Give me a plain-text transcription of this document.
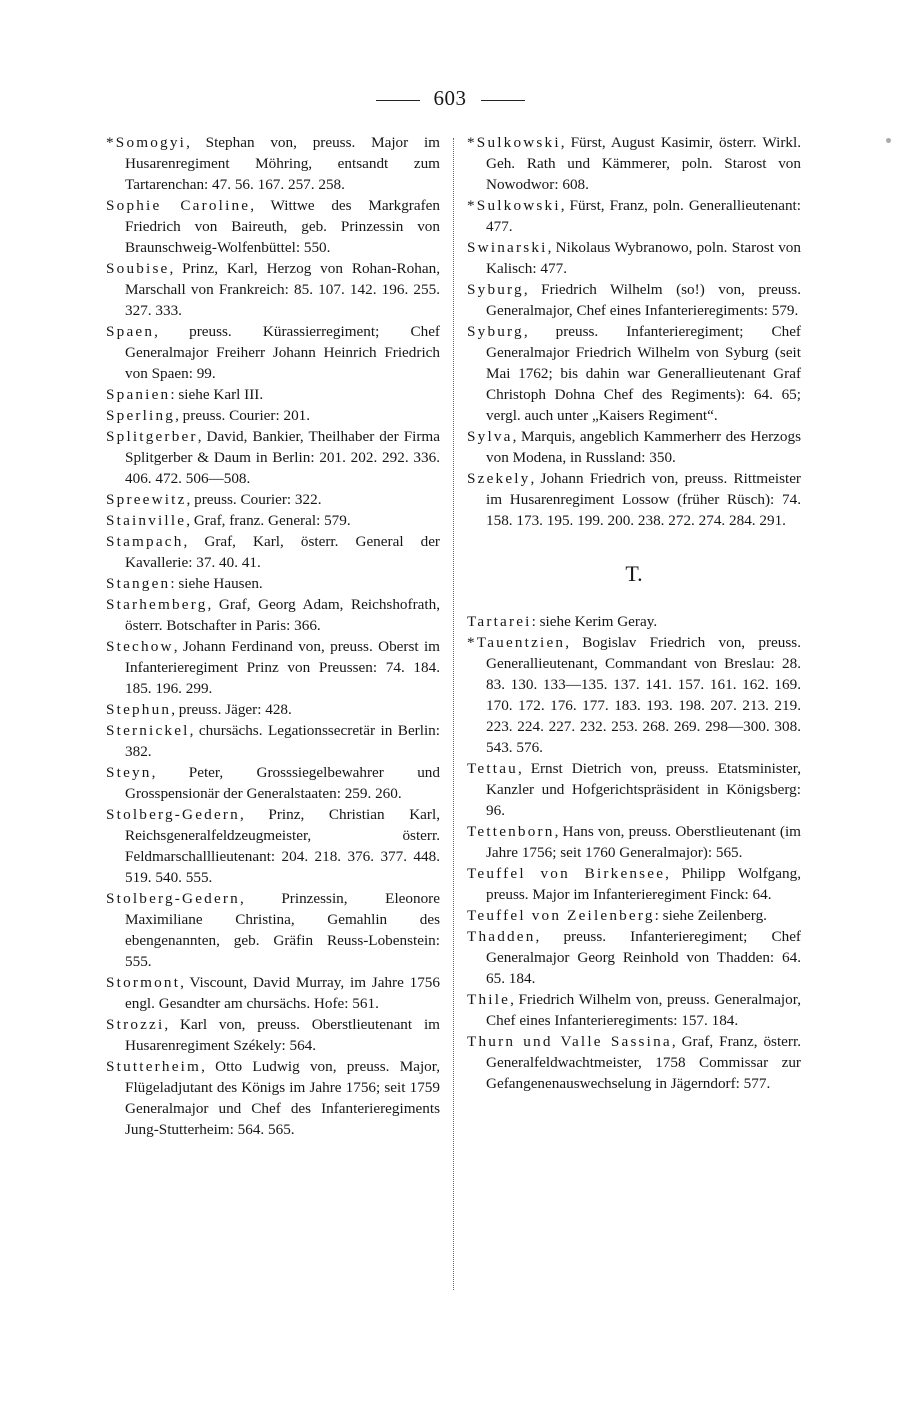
603

*Somogyi, Stephan von, preuss. Major im Husarenregiment Möhring, entsandt zum Tartarenchan: 47. 56. 167. 257. 258.

Sophie Caroline, Wittwe des Markgrafen Friedrich von Baireuth, geb. Prinzessin von Braunschweig-Wolfenbüttel: 550.

Soubise, Prinz, Karl, Herzog von Rohan-Rohan, Marschall von Frankreich: 85. 107. 142. 196. 255. 327. 333.

Spaen, preuss. Kürassierregiment; Chef Generalmajor Freiherr Johann Heinrich Friedrich von Spaen: 99.

Spanien: siehe Karl III.

Sperling, preuss. Courier: 201.

Splitgerber, David, Bankier, Theilhaber der Firma Splitgerber & Daum in Berlin: 201. 202. 292. 336. 406. 472. 506—508.

Spreewitz, preuss. Courier: 322.

Stainville, Graf, franz. General: 579.

Stampach, Graf, Karl, österr. General der Kavallerie: 37. 40. 41.

Stangen: siehe Hausen.

Starhemberg, Graf, Georg Adam, Reichshofrath, österr. Botschafter in Paris: 366.

Stechow, Johann Ferdinand von, preuss. Oberst im Infanterieregiment Prinz von Preussen: 74. 184. 185. 196. 299.

Stephun, preuss. Jäger: 428.

Sternickel, chursächs. Legationssecretär in Berlin: 382.

Steyn, Peter, Grosssiegelbewahrer und Grosspensionär der Generalstaaten: 259. 260.

Stolberg-Gedern, Prinz, Christian Karl, Reichsgeneralfeldzeugmeister, österr. Feldmarschalllieutenant: 204. 218. 376. 377. 448. 519. 540. 555.

Stolberg-Gedern, Prinzessin, Eleonore Maximiliane Christina, Gemahlin des ebengenannten, geb. Gräfin Reuss-Lobenstein: 555.

Stormont, Viscount, David Murray, im Jahre 1756 engl. Gesandter am chursächs. Hofe: 561.

Strozzi, Karl von, preuss. Oberstlieutenant im Husarenregiment Székely: 564.

Stutterheim, Otto Ludwig von, preuss. Major, Flügeladjutant des Königs im Jahre 1756; seit 1759 Generalmajor und Chef des Infanterieregiments Jung-Stutterheim: 564. 565.

*Sulkowski, Fürst, August Kasimir, österr. Wirkl. Geh. Rath und Kämmerer, poln. Starost von Nowodwor: 608.

*Sulkowski, Fürst, Franz, poln. Generallieutenant: 477.

Swinarski, Nikolaus Wybranowo, poln. Starost von Kalisch: 477.

Syburg, Friedrich Wilhelm (so!) von, preuss. Generalmajor, Chef eines Infanterieregiments: 579.

Syburg, preuss. Infanterieregiment; Chef Generalmajor Friedrich Wilhelm von Syburg (seit Mai 1762; bis dahin war Generallieutenant Graf Christoph Dohna Chef des Regiments): 64. 65; vergl. auch unter „Kaisers Regiment“.

Sylva, Marquis, angeblich Kammerherr des Herzogs von Modena, in Russland: 350.

Szekely, Johann Friedrich von, preuss. Rittmeister im Husarenregiment Lossow (früher Rüsch): 74. 158. 173. 195. 199. 200. 238. 272. 274. 284. 291.

T.

Tartarei: siehe Kerim Geray.

*Tauentzien, Bogislav Friedrich von, preuss. Generallieutenant, Commandant von Breslau: 28. 83. 130. 133—135. 137. 141. 157. 161. 162. 169. 170. 172. 176. 177. 183. 193. 198. 207. 213. 219. 223. 224. 227. 232. 253. 268. 269. 298—300. 308. 543. 576.

Tettau, Ernst Dietrich von, preuss. Etatsminister, Kanzler und Hofgerichtspräsident in Königsberg: 96.

Tettenborn, Hans von, preuss. Oberstlieutenant (im Jahre 1756; seit 1760 Generalmajor): 565.

Teuffel von Birkensee, Philipp Wolfgang, preuss. Major im Infanterieregiment Finck: 64.

Teuffel von Zeilenberg: siehe Zeilenberg.

Thadden, preuss. Infanterieregiment; Chef Generalmajor Georg Reinhold von Thadden: 64. 65. 184.

Thile, Friedrich Wilhelm von, preuss. Generalmajor, Chef eines Infanterieregiments: 157. 184.

Thurn und Valle Sassina, Graf, Franz, österr. Generalfeldwachtmeister, 1758 Commissar zur Gefangenenauswechselung in Jägerndorf: 577.
